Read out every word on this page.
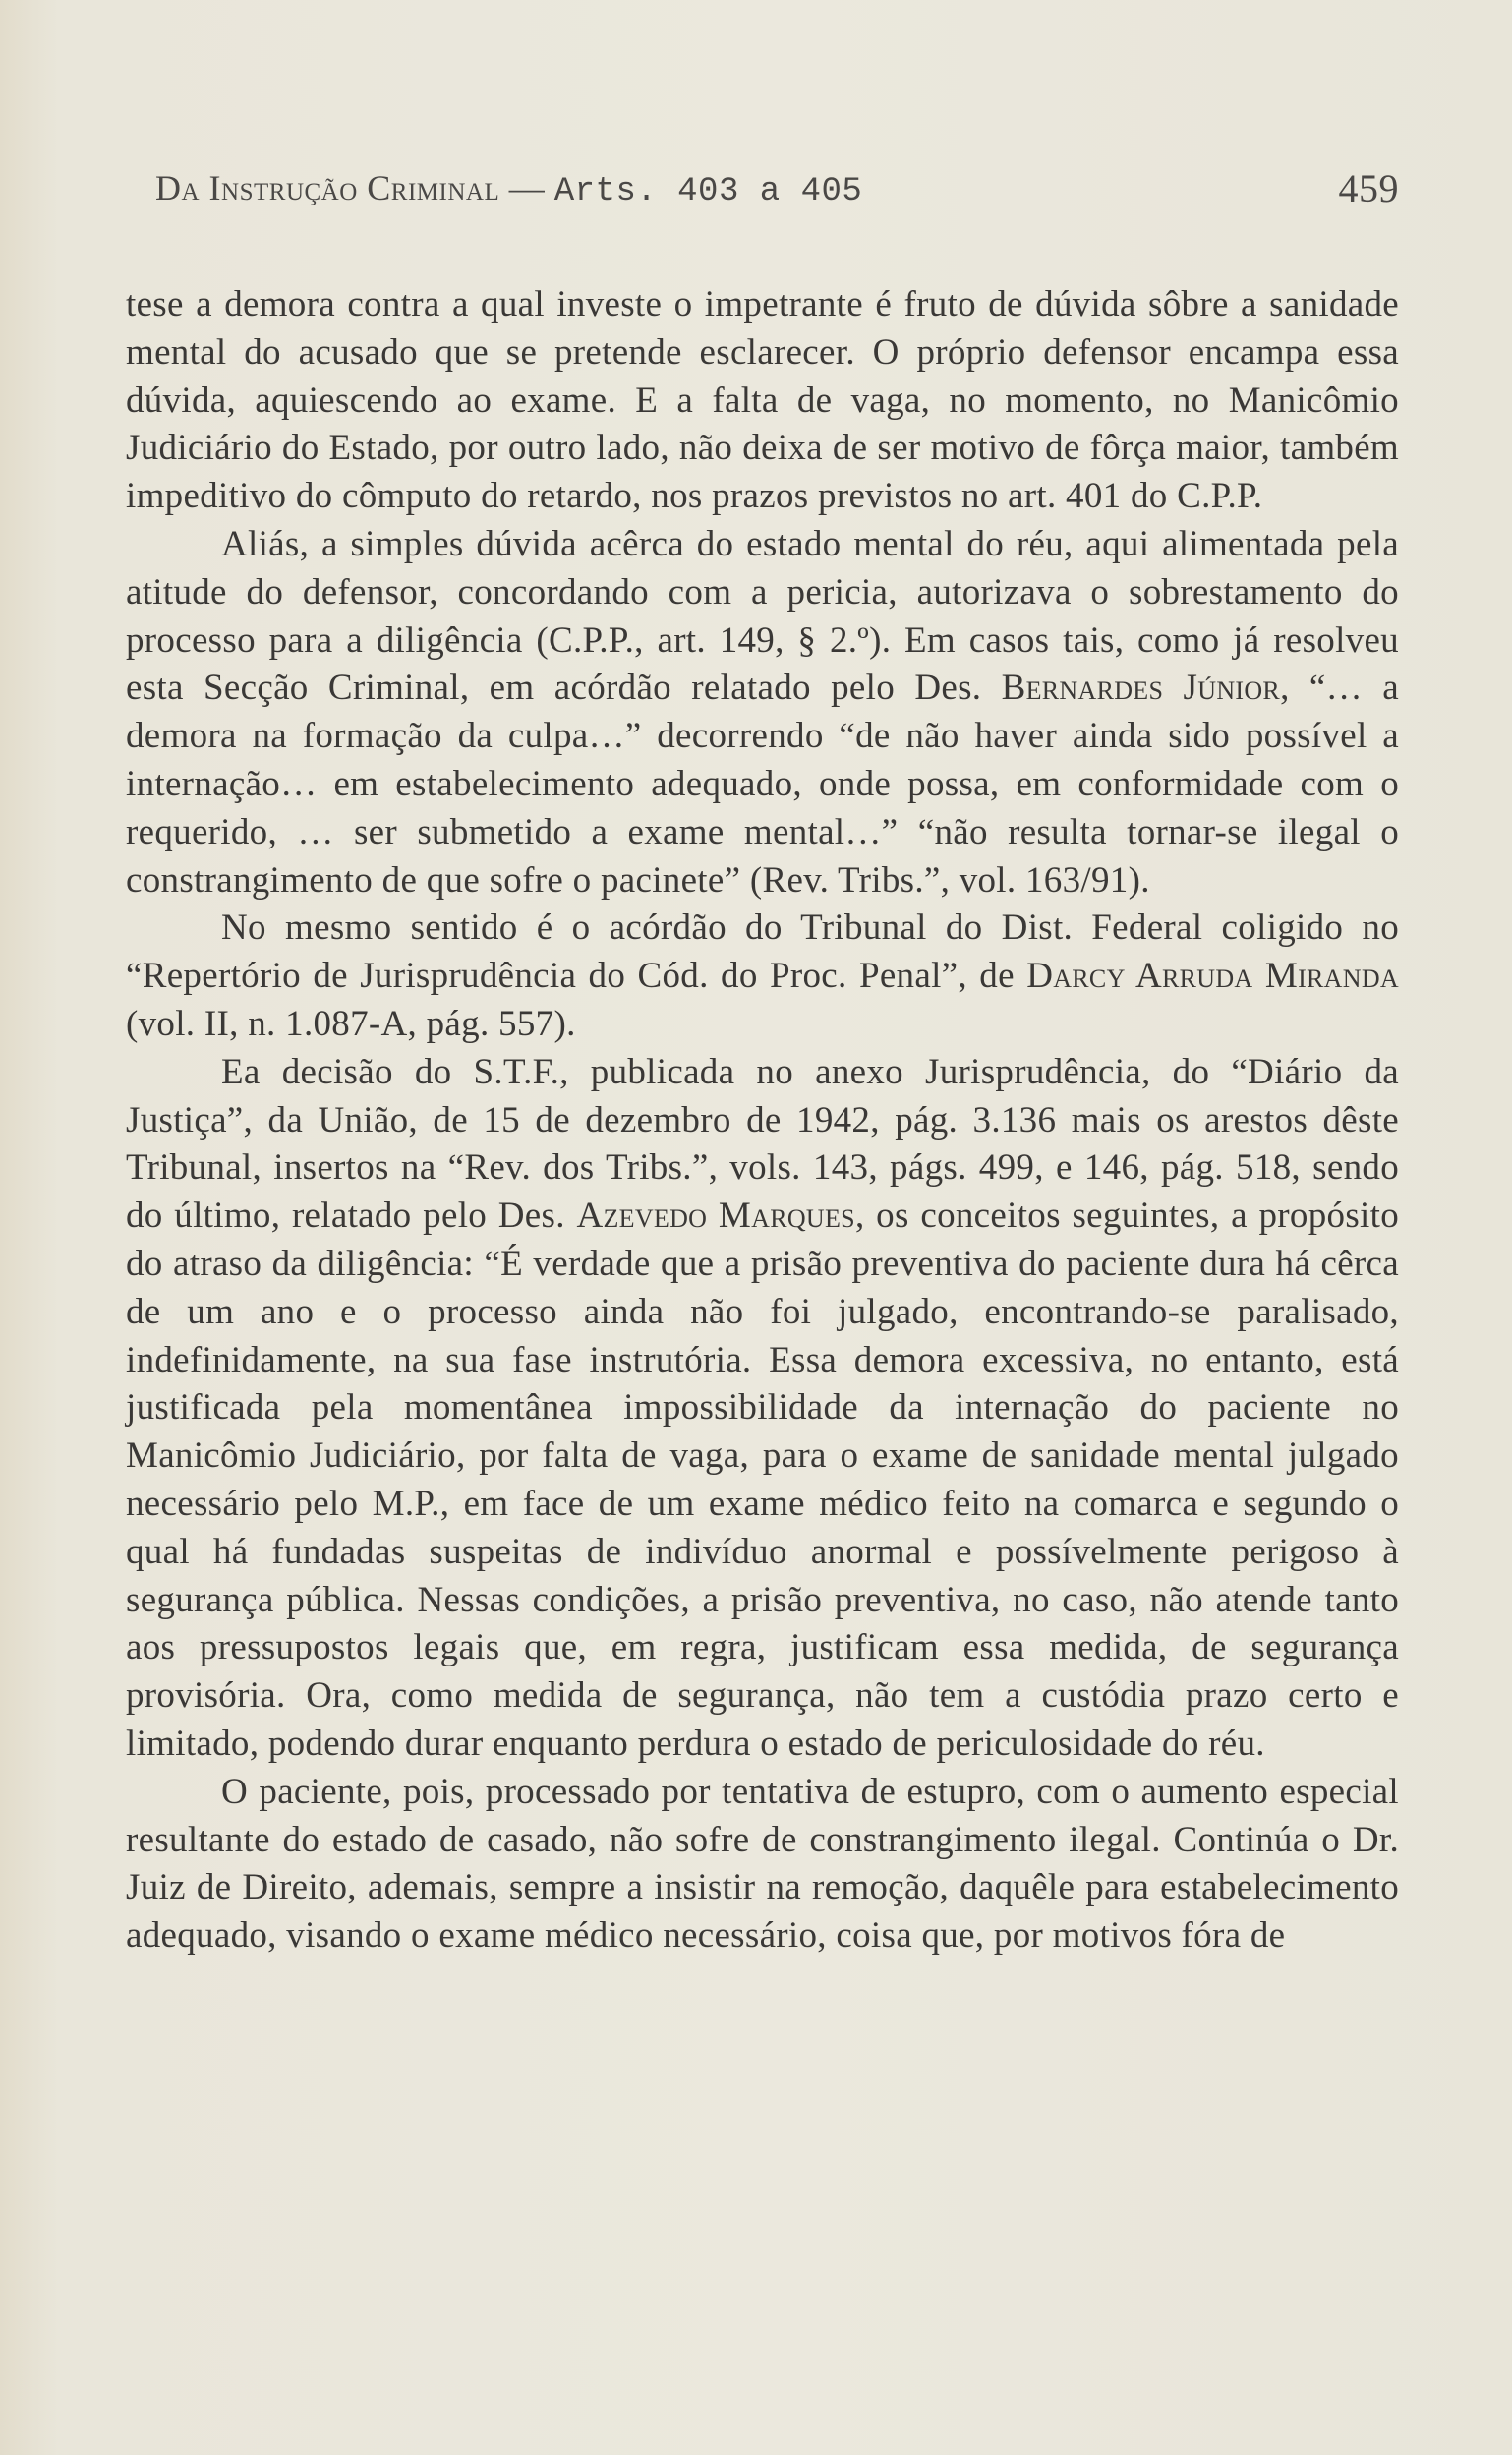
Da Instrução Criminal — Arts. 403 a 405	459

tese a demora contra a qual investe o impetrante é fruto de dúvida sôbre a sanidade mental do acusado que se pretende esclarecer. O próprio defensor encampa essa dúvida, aquiescendo ao exame. E a falta de vaga, no momento, no Manicômio Judiciário do Estado, por outro lado, não deixa de ser motivo de fôrça maior, também impeditivo do cômputo do retardo, nos prazos previstos no art. 401 do C.P.P.

Aliás, a simples dúvida acêrca do estado mental do réu, aqui alimentada pela atitude do defensor, concordando com a pericia, autorizava o sobrestamento do processo para a diligência (C.P.P., art. 149, § 2.º). Em casos tais, como já resolveu esta Secção Criminal, em acórdão relatado pelo Des. Bernardes Júnior, “… a demora na formação da culpa…” decorrendo “de não haver ainda sido possível a internação… em estabelecimento adequado, onde possa, em conformidade com o requerido, … ser submetido a exame mental…” “não resulta tornar-se ilegal o constrangimento de que sofre o pacinete” (Rev. Tribs.”, vol. 163/91).

No mesmo sentido é o acórdão do Tribunal do Dist. Federal coligido no “Repertório de Jurisprudência do Cód. do Proc. Penal”, de Darcy Arruda Miranda (vol. II, n. 1.087-A, pág. 557).

Ea decisão do S.T.F., publicada no anexo Jurisprudência, do “Diário da Justiça”, da União, de 15 de dezembro de 1942, pág. 3.136 mais os arestos dêste Tribunal, insertos na “Rev. dos Tribs.”, vols. 143, págs. 499, e 146, pág. 518, sendo do último, relatado pelo Des. Azevedo Marques, os conceitos seguintes, a propósito do atraso da diligência: “É verdade que a prisão preventiva do paciente dura há cêrca de um ano e o processo ainda não foi julgado, encontrando-se paralisado, indefinidamente, na sua fase instrutória. Essa demora excessiva, no entanto, está justificada pela momentânea impossibilidade da internação do paciente no Manicômio Judiciário, por falta de vaga, para o exame de sanidade mental julgado necessário pelo M.P., em face de um exame médico feito na comarca e segundo o qual há fundadas suspeitas de indivíduo anormal e possívelmente perigoso à segurança pública. Nessas condições, a prisão preventiva, no caso, não atende tanto aos pressupostos legais que, em regra, justificam essa medida, de segurança provisória. Ora, como medida de segurança, não tem a custódia prazo certo e limitado, podendo durar enquanto perdura o estado de periculosidade do réu.

O paciente, pois, processado por tentativa de estupro, com o aumento especial resultante do estado de casado, não sofre de constrangimento ilegal. Continúa o Dr. Juiz de Direito, ademais, sempre a insistir na remoção, daquêle para estabelecimento adequado, visando o exame médico necessário, coisa que, por motivos fóra de
